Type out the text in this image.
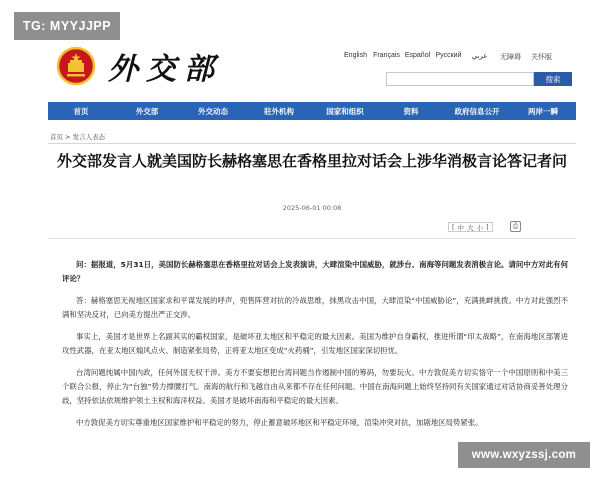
外交部	English Français Español Русский	عربي	无障碍	关怀版
搜索
TG: MYYJJPP
首页	外交部	外交动态	驻外机构	国家和组织	资料	政府信息公开	两岸一瞬
首页 > 发言人表态
外交部发言人就美国防长赫格塞思在香格里拉对话会上涉华消极言论答记者问
2025-06-01 00:08
[ 中 大 小 ]	⎙

问：据报道，5月31日，美国防长赫格塞思在香格里拉对话会上发表演讲，大肆渲染中国威胁，就涉台、南海等问题发表消极言论。请问中方对此有何评论？

答：赫格塞思无视地区国家求和平谋发展的呼声，兜售阵营对抗的冷战思维，抹黑攻击中国，大肆渲染“中国威胁论”，充满挑衅挑拨。中方对此强烈不满和坚决反对，已向美方提出严正交涉。

事实上，美国才是世界上名副其实的霸权国家，是破坏亚太地区和平稳定的最大因素。美国为维护自身霸权，推进所谓“印太战略”，在南海地区部署进攻性武器，在亚太地区煽风点火、制造紧张局势，正将亚太地区变成“火药桶”，引发地区国家深切担忧。

台湾问题纯属中国内政，任何外国无权干涉。美方不要妄想把台湾问题当作遏制中国的筹码，勿要玩火。中方敦促美方切实恪守一个中国原则和中美三个联合公报，停止为“台独”势力撑腰打气。南海的航行和飞越自由从来都不存在任何问题。中国在南海问题上始终坚持同有关国家通过对话协商妥善处理分歧，坚持依法依规维护领土主权和海洋权益。美国才是破坏南海和平稳定的最大因素。

中方敦促美方切实尊重地区国家维护和平稳定的努力，停止蓄意破坏地区和平稳定环境，渲染冲突对抗，加剧地区局势紧张。

www.wxyzssj.com
